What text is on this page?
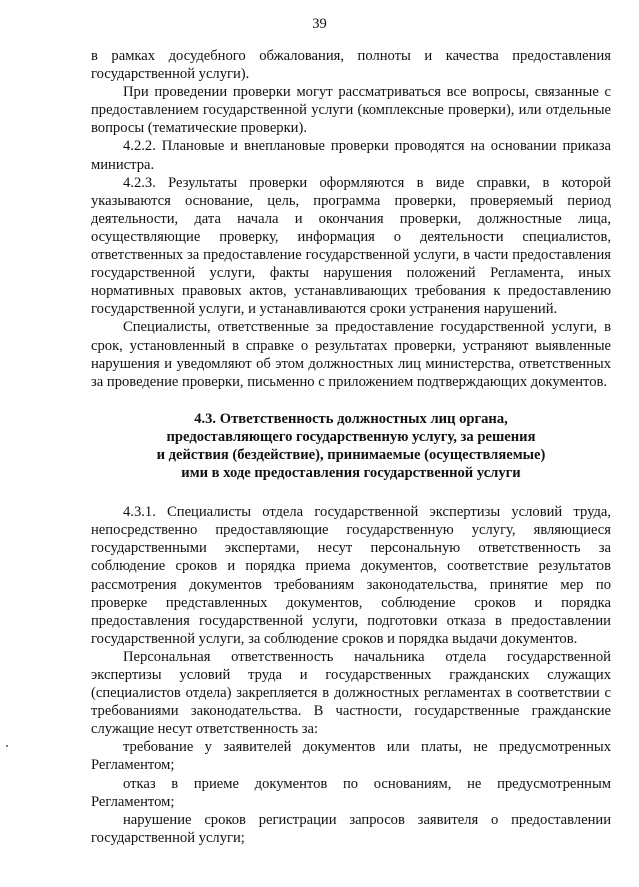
39

в рамках досудебного обжалования, полноты и качества предоставления государственной услуги).

При проведении проверки могут рассматриваться все вопросы, связанные с предоставлением государственной услуги (комплексные проверки), или отдельные вопросы (тематические проверки).

4.2.2. Плановые и внеплановые проверки проводятся на основании приказа министра.

4.2.3. Результаты проверки оформляются в виде справки, в которой указываются основание, цель, программа проверки, проверяемый период деятельности, дата начала и окончания проверки, должностные лица, осуществляющие проверку, информация о деятельности специалистов, ответственных за предоставление государственной услуги, в части предоставления государственной услуги, факты нарушения положений Регламента, иных нормативных правовых актов, устанавливающих требования к предоставлению государственной услуги, и устанавливаются сроки устранения нарушений.

Специалисты, ответственные за предоставление государственной услуги, в срок, установленный в справке о результатах проверки, устраняют выявленные нарушения и уведомляют об этом должностных лиц министерства, ответственных за проведение проверки, письменно с приложением подтверждающих документов.

4.3. Ответственность должностных лиц органа,
предоставляющего государственную услугу, за решения
и действия (бездействие), принимаемые (осуществляемые)
ими в ходе предоставления государственной услуги

4.3.1. Специалисты отдела государственной экспертизы условий труда, непосредственно предоставляющие государственную услугу, являющиеся государственными экспертами, несут персональную ответственность за соблюдение сроков и порядка приема документов, соответствие результатов рассмотрения документов требованиям законодательства, принятие мер по проверке представленных документов, соблюдение сроков и порядка предоставления государственной услуги, подготовки отказа в предоставлении государственной услуги, за соблюдение сроков и порядка выдачи документов.

Персональная ответственность начальника отдела государственной экспертизы условий труда и государственных гражданских служащих (специалистов отдела) закрепляется в должностных регламентах в соответствии с требованиями законодательства. В частности, государственные гражданские служащие несут ответственность за:

требование у заявителей документов или платы, не предусмотренных Регламентом;

отказ в приеме документов по основаниям, не предусмотренным Регламентом;

нарушение сроков регистрации запросов заявителя о предоставлении государственной услуги;
